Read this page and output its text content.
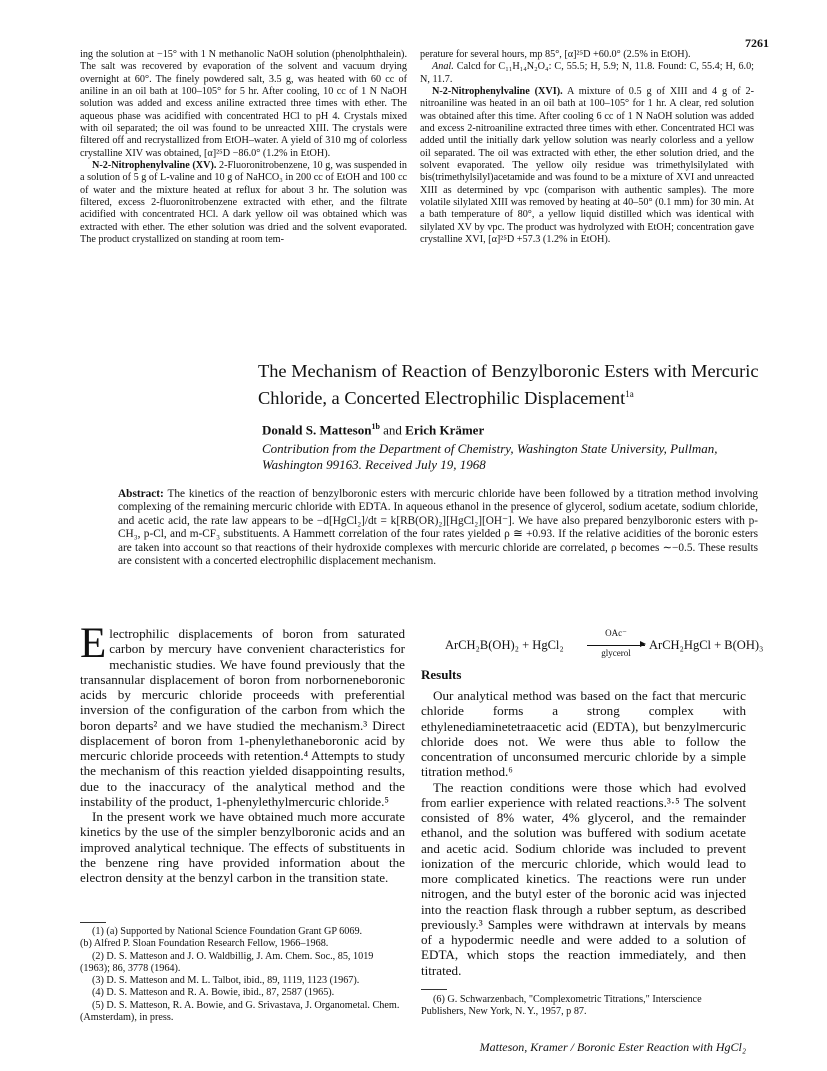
7261

ing the solution at −15° with 1 N methanolic NaOH solution (phenolphthalein). The salt was recovered by evaporation of the solvent and vacuum drying overnight at 60°. The finely powdered salt, 3.5 g, was heated with 60 cc of aniline in an oil bath at 100–105° for 5 hr. After cooling, 10 cc of 1 N NaOH solution was added and excess aniline extracted three times with ether. The aqueous phase was acidified with concentrated HCl to pH 4. Crystals mixed with oil separated; the oil was found to be unreacted XIII. The crystals were filtered off and recrystallized from EtOH–water. A yield of 310 mg of colorless crystalline XIV was obtained, [α]²⁵D −86.0° (1.2% in EtOH).

N-2-Nitrophenylvaline (XV). 2-Fluoronitrobenzene, 10 g, was suspended in a solution of 5 g of L-valine and 10 g of NaHCO₃ in 200 cc of EtOH and 100 cc of water and the mixture heated at reflux for about 3 hr. The solution was filtered, excess 2-fluoronitrobenzene extracted with ether, and the filtrate acidified with concentrated HCl. A dark yellow oil was obtained which was extracted with ether. The ether solution was dried and the solvent evaporated. The product crystallized on standing at room tem-

perature for several hours, mp 85°, [α]²⁵D +60.0° (2.5% in EtOH).

Anal. Calcd for C₁₁H₁₄N₂O₄: C, 55.5; H, 5.9; N, 11.8. Found: C, 55.4; H, 6.0; N, 11.7.

N-2-Nitrophenylvaline (XVI). A mixture of 0.5 g of XIII and 4 g of 2-nitroaniline was heated in an oil bath at 100–105° for 1 hr. A clear, red solution was obtained after this time. After cooling 6 cc of 1 N NaOH solution was added and excess 2-nitroaniline extracted three times with ether. Concentrated HCl was added until the initially dark yellow solution was nearly colorless and a yellow oil separated. The oil was extracted with ether, the ether solution dried, and the solvent evaporated. The yellow oily residue was trimethylsilylated with bis(trimethylsilyl)acetamide and was found to be a mixture of XVI and unreacted XIII as determined by vpc (comparison with authentic samples). The more volatile silylated XIII was removed by heating at 40–50° (0.1 mm) for 30 min. At a bath temperature of 80°, a yellow liquid distilled which was identical with silylated XV by vpc. The product was hydrolyzed with EtOH; concentration gave crystalline XVI, [α]²⁵D +57.3 (1.2% in EtOH).

The Mechanism of Reaction of Benzylboronic Esters with Mercuric Chloride, a Concerted Electrophilic Displacement$^{1a}$
Donald S. Matteson$^{1b}$ and Erich Krämer
Contribution from the Department of Chemistry, Washington State University, Pullman, Washington 99163. Received July 19, 1968
Abstract: The kinetics of the reaction of benzylboronic esters with mercuric chloride have been followed by a titration method involving complexing of the remaining mercuric chloride with EDTA. In aqueous ethanol in the presence of glycerol, sodium acetate, sodium chloride, and acetic acid, the rate law appears to be −d[HgCl₂]/dt = k[RB(OR)₂][HgCl₂][OH⁻]. We have also prepared benzylboronic esters with p-CH₃, p-Cl, and m-CF₃ substituents. A Hammett correlation of the four rates yielded ρ ≅ +0.93. If the relative acidities of the boronic esters are taken into account so that reactions of their hydroxide complexes with mercuric chloride are correlated, ρ becomes ∼−0.5. These results are consistent with a concerted electrophilic displacement mechanism.

Electrophilic displacements of boron from saturated carbon by mercury have convenient characteristics for mechanistic studies. We have found previously that the transannular displacement of boron from norborneneboronic acids by mercuric chloride proceeds with preferential inversion of the configuration of the carbon from which the boron departs² and we have studied the mechanism.³ Direct displacement of boron from 1-phenylethaneboronic acid by mercuric chloride proceeds with retention.⁴ Attempts to study the mechanism of this reaction yielded disappointing results, due to the inaccuracy of the analytical method and the instability of the product, 1-phenylethylmercuric chloride.⁵

In the present work we have obtained much more accurate kinetics by the use of the simpler benzylboronic acids and an improved analytical technique. The effects of substituents in the benzene ring have provided information about the electron density at the benzyl carbon in the transition state.

(1) (a) Supported by National Science Foundation Grant GP 6069.

(b) Alfred P. Sloan Foundation Research Fellow, 1966–1968.

(2) D. S. Matteson and J. O. Waldbillig, J. Am. Chem. Soc., 85, 1019 (1963); 86, 3778 (1964).

(3) D. S. Matteson and M. L. Talbot, ibid., 89, 1119, 1123 (1967).

(4) D. S. Matteson and R. A. Bowie, ibid., 87, 2587 (1965).

(5) D. S. Matteson, R. A. Bowie, and G. Srivastava, J. Organometal. Chem. (Amsterdam), in press.

ArCH₂B(OH)₂ + HgCl₂
OAc⁻
glycerol
ArCH₂HgCl + B(OH)₃
Results

Our analytical method was based on the fact that mercuric chloride forms a strong complex with ethylenediaminetetraacetic acid (EDTA), but benzylmercuric chloride does not. We were thus able to follow the concentration of unconsumed mercuric chloride by a simple titration method.⁶

The reaction conditions were those which had evolved from earlier experience with related reactions.³·⁵ The solvent consisted of 8% water, 4% glycerol, and the remainder ethanol, and the solution was buffered with sodium acetate and acetic acid. Sodium chloride was included to prevent ionization of the mercuric chloride, which would lead to more complicated kinetics. The reactions were run under nitrogen, and the butyl ester of the boronic acid was injected into the reaction flask through a rubber septum, as described previously.³ Samples were withdrawn at intervals by means of a hypodermic needle and were added to a solution of EDTA, which stops the reaction immediately, and then titrated.

(6) G. Schwarzenbach, "Complexometric Titrations," Interscience Publishers, New York, N. Y., 1957, p 87.
Matteson, Kramer / Boronic Ester Reaction with HgCl₂
